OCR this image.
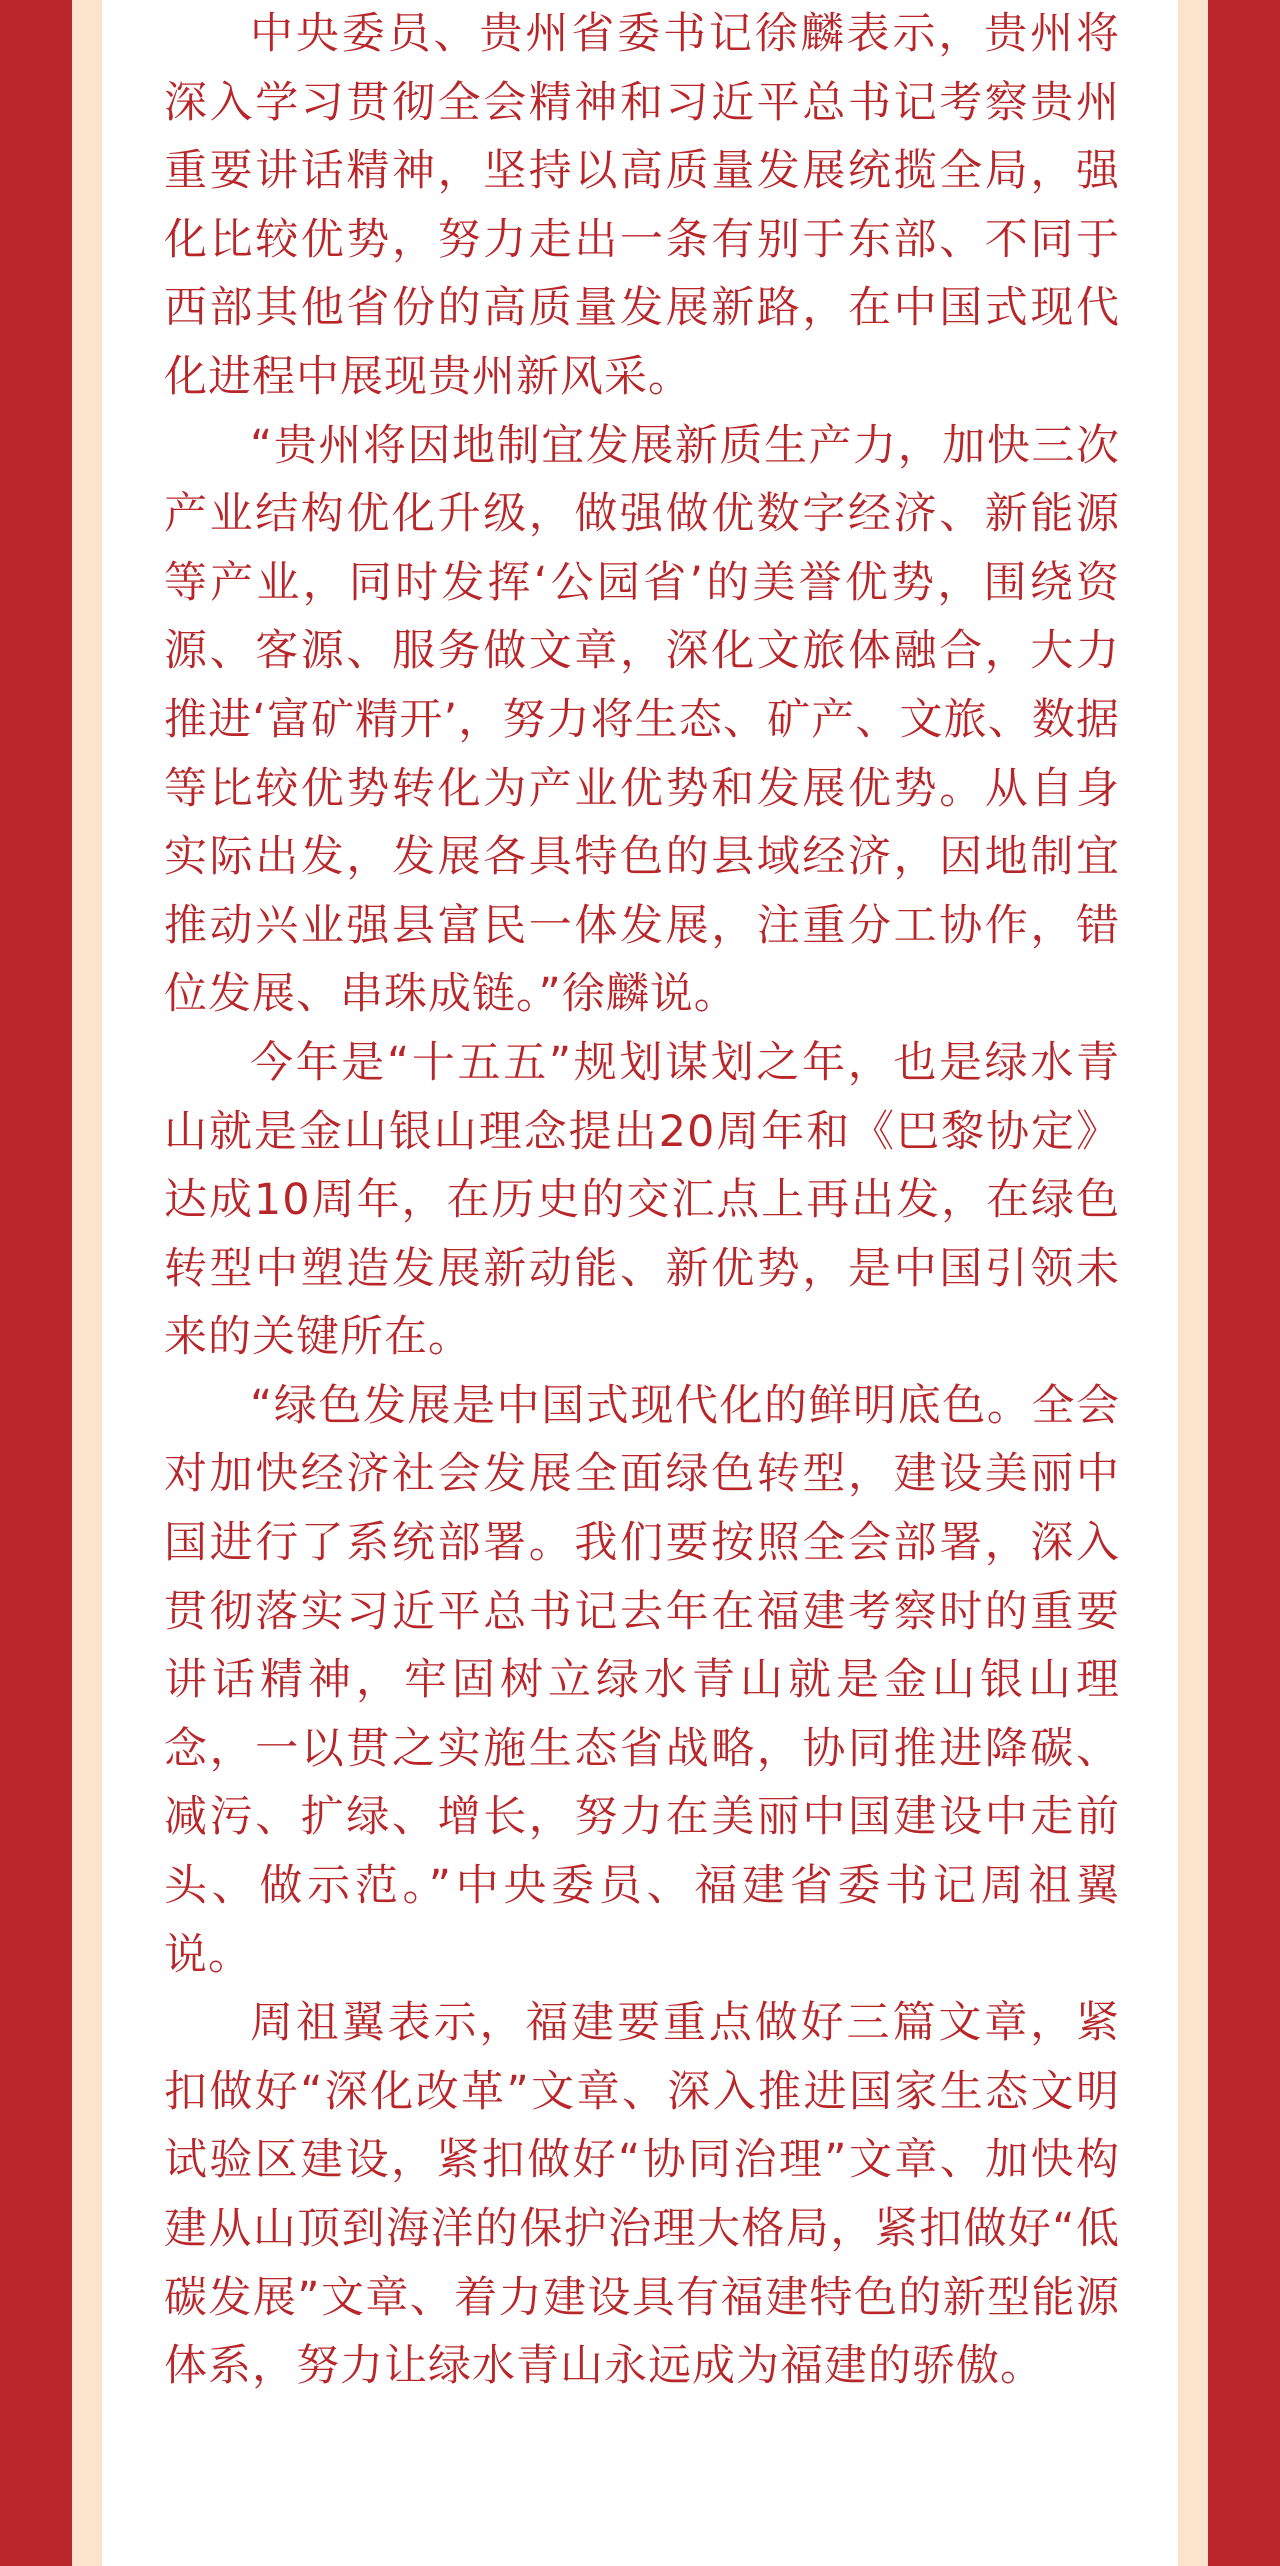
中央委员、贵州省委书记徐麟表示，贵州将深入学习贯彻全会精神和习近平总书记考察贵州重要讲话精神，坚持以高质量发展统揽全局，强化比较优势，努力走出一条有别于东部、不同于西部其他省份的高质量发展新路，在中国式现代化进程中展现贵州新风采。

“贵州将因地制宜发展新质生产力，加快三次产业结构优化升级，做强做优数字经济、新能源等产业，同时发挥‘公园省’的美誉优势，围绕资源、客源、服务做文章，深化文旅体融合，大力推进‘富矿精开’，努力将生态、矿产、文旅、数据等比较优势转化为产业优势和发展优势。从自身实际出发，发展各具特色的县域经济，因地制宜推动兴业强县富民一体发展，注重分工协作，错位发展、串珠成链。”徐麟说。

今年是“十五五”规划谋划之年，也是绿水青山就是金山银山理念提出20周年和《巴黎协定》达成10周年，在历史的交汇点上再出发，在绿色转型中塑造发展新动能、新优势，是中国引领未来的关键所在。

“绿色发展是中国式现代化的鲜明底色。全会对加快经济社会发展全面绿色转型，建设美丽中国进行了系统部署。我们要按照全会部署，深入贯彻落实习近平总书记去年在福建考察时的重要讲话精神，牢固树立绿水青山就是金山银山理念，一以贯之实施生态省战略，协同推进降碳、减污、扩绿、增长，努力在美丽中国建设中走前头、做示范。”中央委员、福建省委书记周祖翼说。

周祖翼表示，福建要重点做好三篇文章，紧扣做好“深化改革”文章、深入推进国家生态文明试验区建设，紧扣做好“协同治理”文章、加快构建从山顶到海洋的保护治理大格局，紧扣做好“低碳发展”文章、着力建设具有福建特色的新型能源体系，努力让绿水青山永远成为福建的骄傲。
